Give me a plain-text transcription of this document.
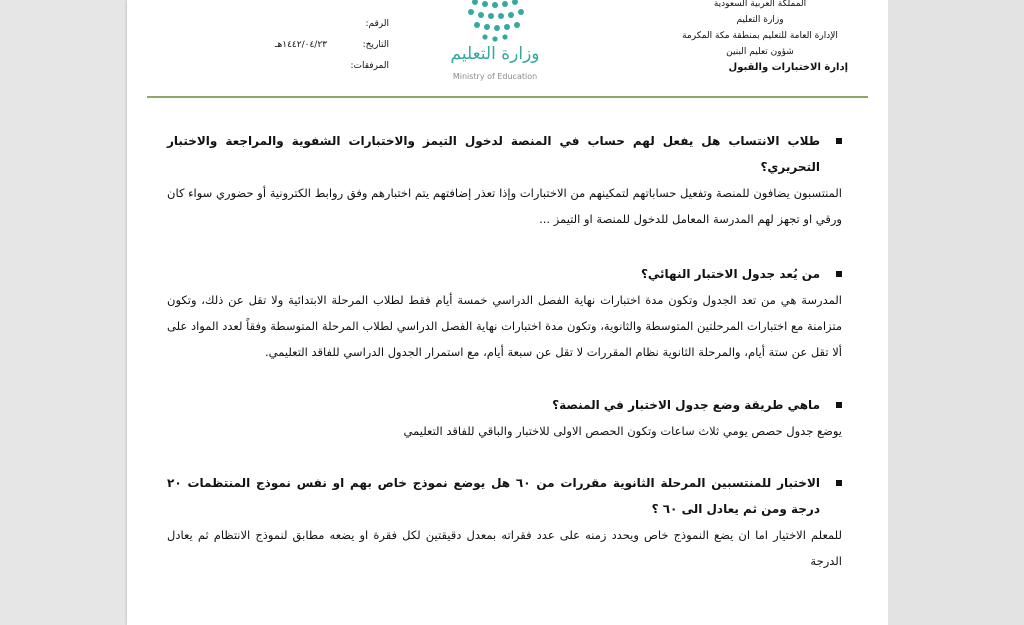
المملكة العربية السعودية
وزارة التعليم
الإدارة العامة للتعليم بمنطقة مكة المكرمة
شؤون تعليم البنين
إدارة الاختبارات والقبول
وزارة التعليم
Ministry of Education
الرقم:
التاريخ:
١٤٤٢/٠٤/٢٣هـ
المرفقات:
طلاب الانتساب هل يفعل لهم حساب في المنصة لدخول التيمز والاختبارات الشفوية والمراجعة والاختبار التحريري؟
المنتسبون يضافون للمنصة وتفعيل حساباتهم لتمكينهم من الاختبارات وإذا تعذر إضافتهم يتم اختبارهم وفق روابط الكترونية أو حضوري سواء كان ورقي او تجهز لهم المدرسة المعامل للدخول للمنصة او التيمز ...
من يُعد جدول الاختبار النهائي؟
المدرسة هي من تعد الجدول وتكون مدة اختبارات نهاية الفصل الدراسي خمسة أيام فقط لطلاب المرحلة الابتدائية ولا تقل عن ذلك، وتكون متزامنة مع اختبارات المرحلتين المتوسطة والثانوية، وتكون مدة اختبارات نهاية الفصل الدراسي لطلاب المرحلة المتوسطة وفقاً لعدد المواد على ألا تقل عن ستة أيام، والمرحلة الثانوية نظام المقررات لا تقل عن سبعة أيام، مع استمرار الجدول الدراسي للفاقد التعليمي.
ماهي طريقة وضع جدول الاختبار في المنصة؟
يوضع جدول حصص يومي ثلاث ساعات وتكون الحصص الاولى للاختبار والباقي للفاقد التعليمي
الاختبار للمنتسبين المرحلة الثانوية مقررات من ٦٠ هل يوضع نموذج خاص بهم او نفس نموذج المنتظمات ٢٠ درجة ومن ثم يعادل الى ٦٠ ؟
للمعلم الاختيار اما ان يضع النموذج خاص ويحدد زمنه على عدد فقراته بمعدل دقيقتين لكل فقرة او يضعه مطابق لنموذج الانتظام ثم يعادل الدرجة
